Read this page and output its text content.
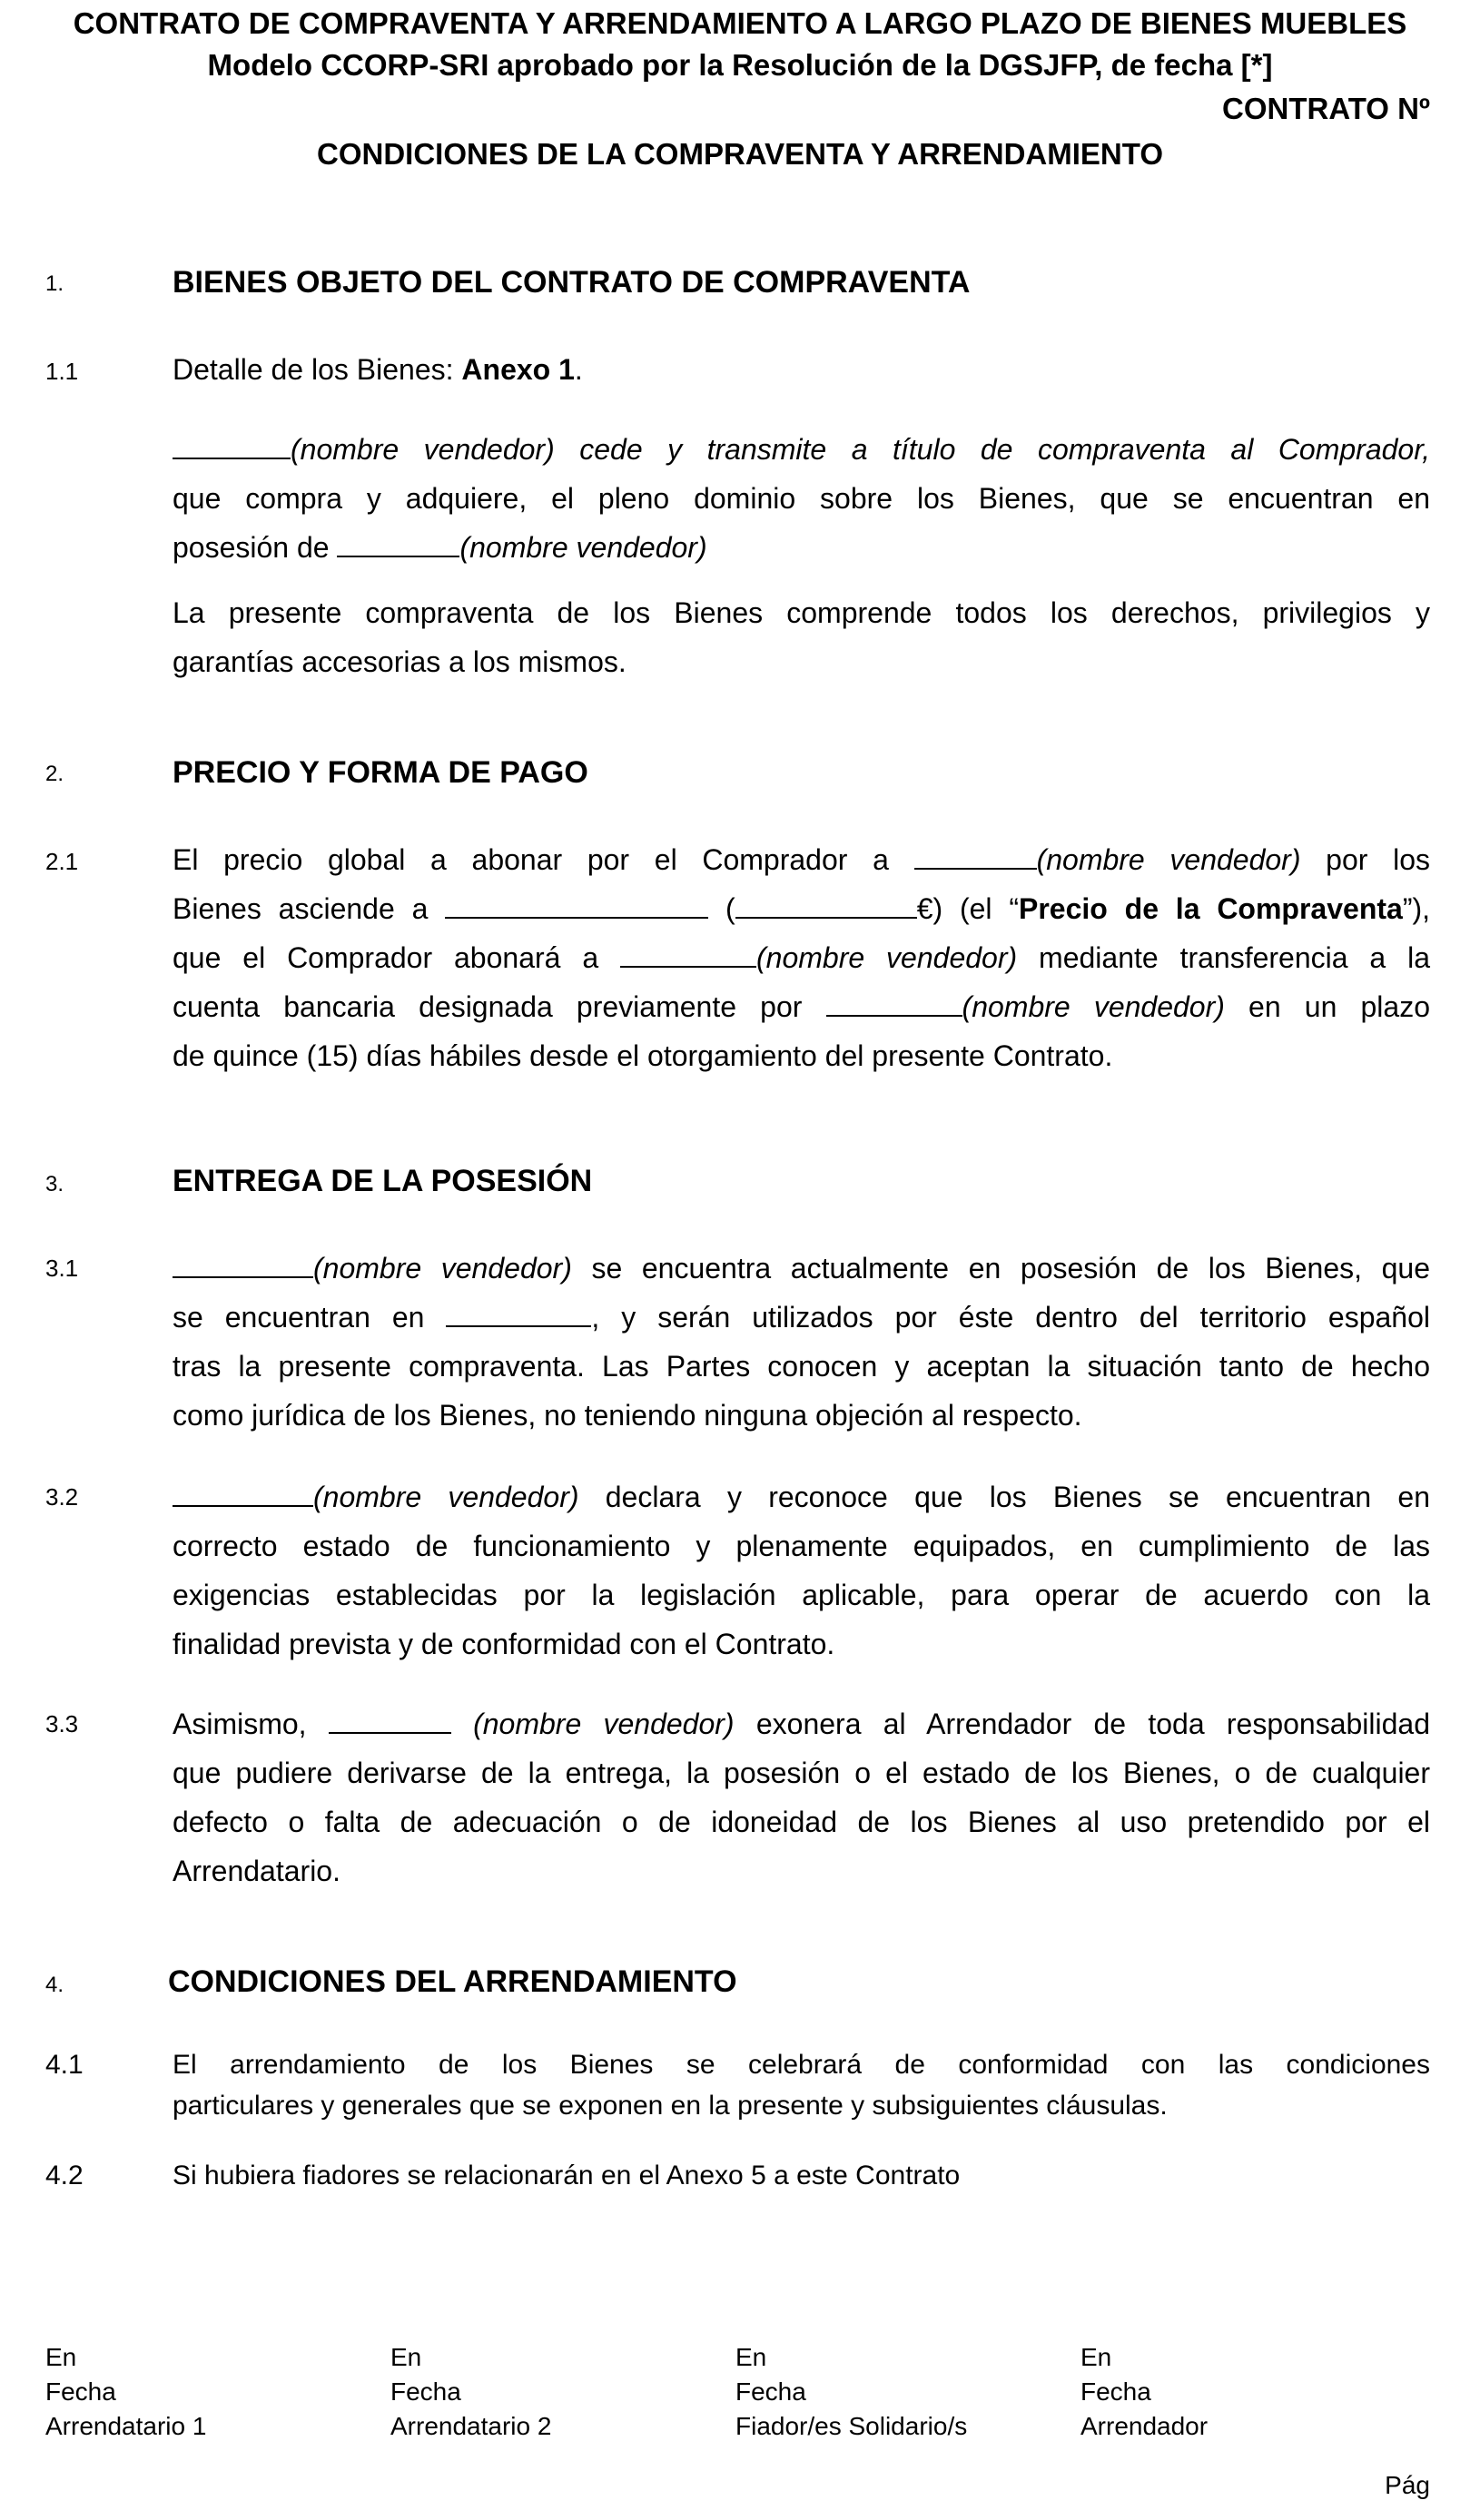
CONTRATO DE COMPRAVENTA Y ARRENDAMIENTO A LARGO PLAZO DE BIENES MUEBLES
Modelo CCORP-SRI aprobado por la Resolución de la DGSJFP, de fecha [*]
CONTRATO Nº
CONDICIONES DE LA COMPRAVENTA Y ARRENDAMIENTO
1.	BIENES OBJETO DEL CONTRATO DE COMPRAVENTA
1.1	Detalle de los Bienes: Anexo 1.
(nombre vendedor) cede y transmite a título de compraventa al Comprador,
que compra y adquiere, el pleno dominio sobre los Bienes, que se encuentran en
posesión de	(nombre vendedor)
La presente compraventa de los Bienes comprende todos los derechos, privilegios y
garantías accesorias a los mismos.
2.	PRECIO Y FORMA DE PAGO
2.1	El precio global a abonar por el Comprador a	(nombre vendedor) por los
Bienes asciende a	(	€) (el “Precio de la Compraventa”),
que el Comprador abonará a	(nombre vendedor) mediante transferencia a la
cuenta bancaria designada previamente por	(nombre vendedor) en un plazo
de quince (15) días hábiles desde el otorgamiento del presente Contrato.
3.	ENTREGA DE LA POSESIÓN
3.1	(nombre vendedor) se encuentra actualmente en posesión de los Bienes, que
se encuentran en	, y serán utilizados por éste dentro del territorio español
tras la presente compraventa. Las Partes conocen y aceptan la situación tanto de hecho
como jurídica de los Bienes, no teniendo ninguna objeción al respecto.
3.2	(nombre vendedor) declara y reconoce que los Bienes se encuentran en
correcto estado de funcionamiento y plenamente equipados, en cumplimiento de las
exigencias establecidas por la legislación aplicable, para operar de acuerdo con la
finalidad prevista y de conformidad con el Contrato.
3.3	Asimismo,	(nombre vendedor) exonera al Arrendador de toda responsabilidad
que pudiere derivarse de la entrega, la posesión o el estado de los Bienes, o de cualquier
defecto o falta de adecuación o de idoneidad de los Bienes al uso pretendido por el
Arrendatario.
4.	CONDICIONES DEL ARRENDAMIENTO
4.1	El arrendamiento de los Bienes se celebrará de conformidad con las condiciones
particulares y generales que se exponen en la presente y subsiguientes cláusulas.
4.2	Si hubiera fiadores se relacionarán en el Anexo 5 a este Contrato
En
Fecha
Arrendatario 1
En
Fecha
Arrendatario 2
En
Fecha
Fiador/es Solidario/s
En
Fecha
Arrendador
Pág
